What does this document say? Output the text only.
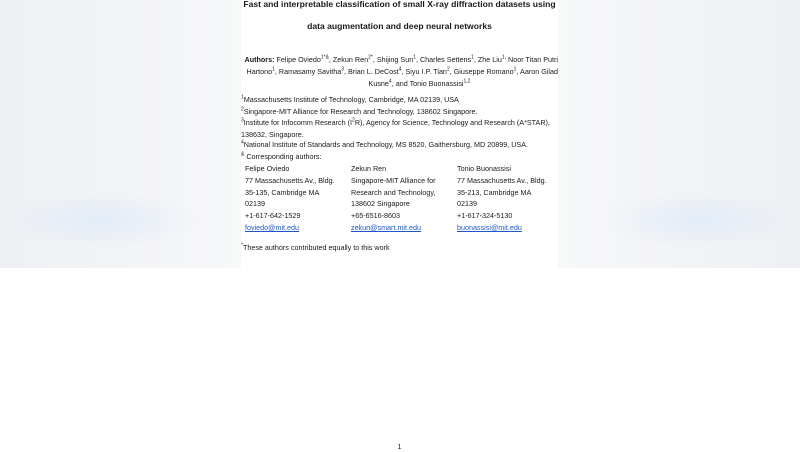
Fast and interpretable classification of small X-ray diffraction datasets using
data augmentation and deep neural networks
Authors: Felipe Oviedo$^{1*\&}$, Zekun Ren$^{2*}$, Shijing Sun$^1$, Charles Settens$^1$, Zhe Liu$^{1,}$ Noor Titan Putri
Hartono$^1$, Ramasamy Savitha$^3$, Brian L. DeCost$^4$, Siyu I.P. Tian$^2$, Giuseppe Romano$^1$, Aaron Gilad
Kusne$^4$, and Tonio Buonassisi$^{1,2}$
$^1$Massachusetts Institute of Technology, Cambridge, MA 02139, USA
$^2$Singapore-MIT Alliance for Research and Technology, 138602 Singapore.
$^3$Institute for Infocomm Research $(I^2R)$, Agency for Science, Technology and Research (A*STAR),
138632, Singapore.
$^4$National Institute of Standards and Technology, MS 8520, Gaithersburg, MD 20899, USA.
& Corresponding authors:
Felipe Oviedo
77 Massachusetts Av., Bldg.
35-135, Cambridge MA
02139
+1-617-642-1529
foviedo@mit.edu
Zekun Ren
Singapore-MIT Alliance for
Research and Technology,
138602 Singapore
+65-6516-8603
zekun@smart.mit.edu
Tonio Buonassisi
77 Massachusetts Av., Bldg.
35-213, Cambridge MA
02139
+1-617-324-5130
buonassisi@mit.edu
*These authors contributed equally to this work
1
